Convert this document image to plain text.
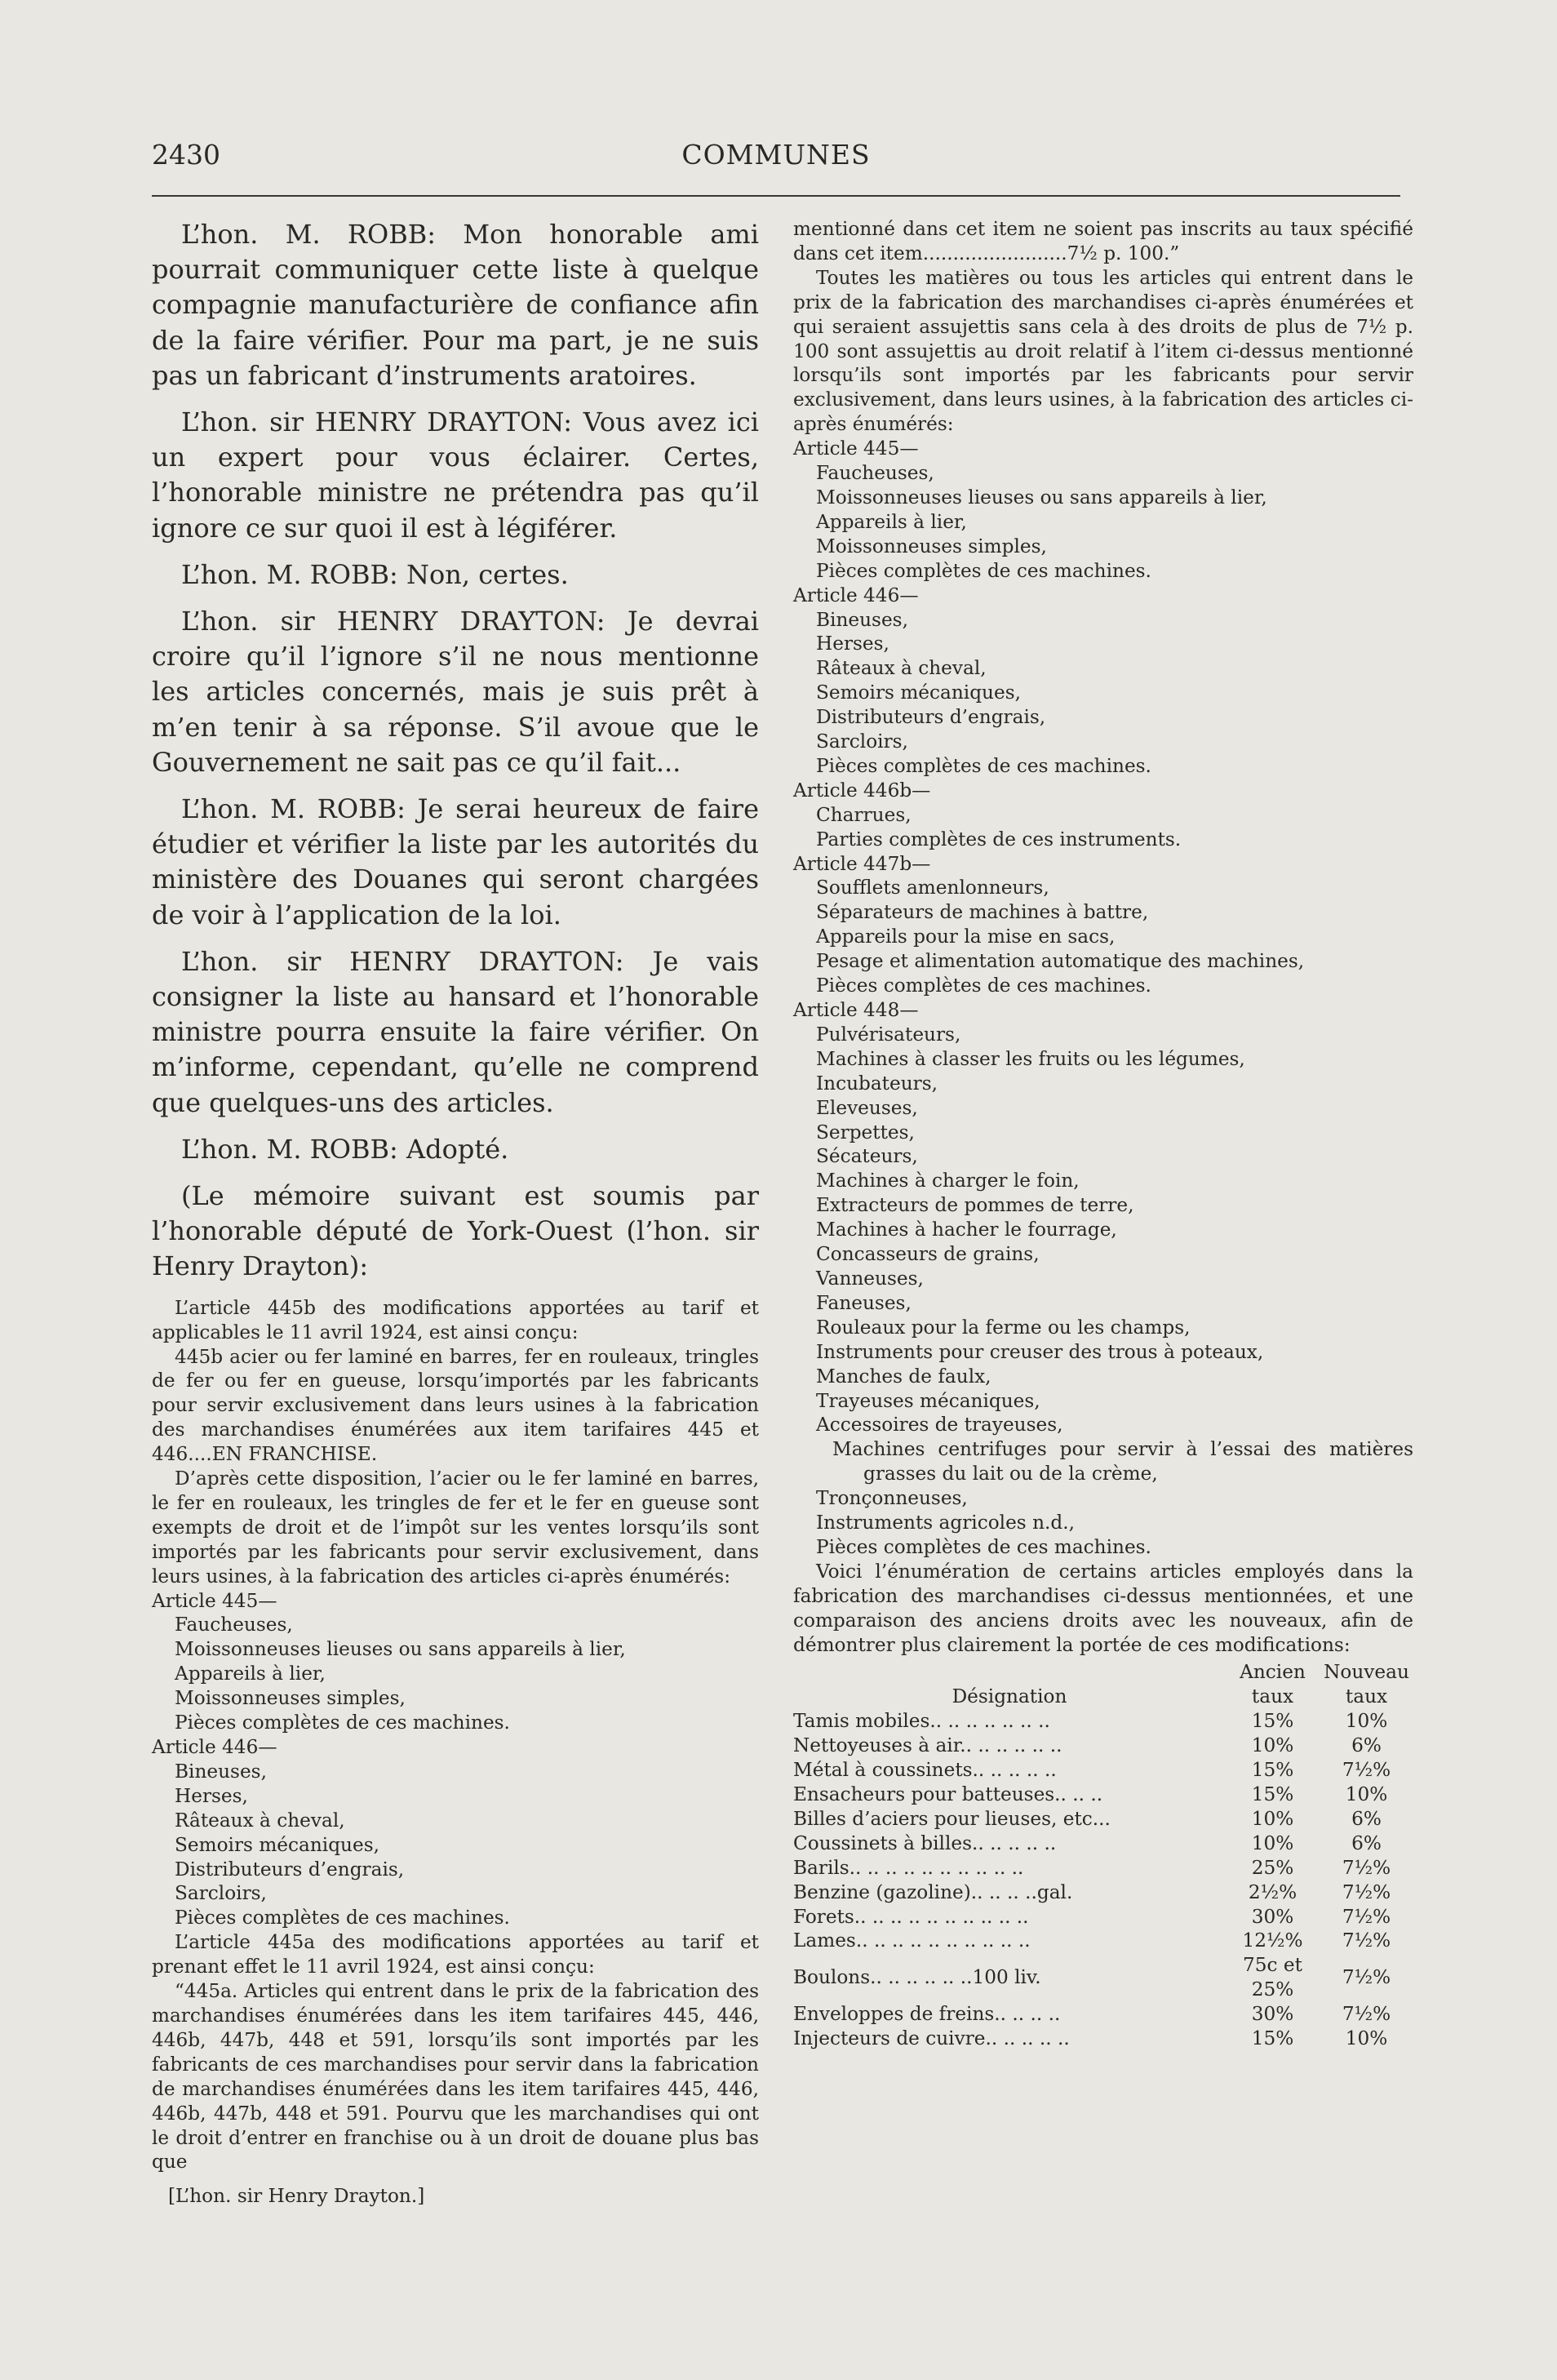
COMMUNES
2430

L’hon. M. ROBB: Mon honorable ami pourrait communiquer cette liste à quelque compagnie manufacturière de confiance afin de la faire vérifier. Pour ma part, je ne suis pas un fabricant d’instruments aratoires.

L’hon. sir HENRY DRAYTON: Vous avez ici un expert pour vous éclairer. Certes, l’honorable ministre ne prétendra pas qu’il ignore ce sur quoi il est à légiférer.

L’hon. M. ROBB: Non, certes.

L’hon. sir HENRY DRAYTON: Je devrai croire qu’il l’ignore s’il ne nous mentionne les articles concernés, mais je suis prêt à m’en tenir à sa réponse. S’il avoue que le Gouvernement ne sait pas ce qu’il fait...

L’hon. M. ROBB: Je serai heureux de faire étudier et vérifier la liste par les autorités du ministère des Douanes qui seront chargées de voir à l’application de la loi.

L’hon. sir HENRY DRAYTON: Je vais consigner la liste au hansard et l’honorable ministre pourra ensuite la faire vérifier. On m’informe, cependant, qu’elle ne comprend que quelques-uns des articles.

L’hon. M. ROBB: Adopté.

(Le mémoire suivant est soumis par l’honorable député de York-Ouest (l’hon. sir Henry Drayton):

L’article 445b des modifications apportées au tarif et applicables le 11 avril 1924, est ainsi conçu:

445b acier ou fer laminé en barres, fer en rouleaux, tringles de fer ou fer en gueuse, lorsqu’importés par les fabricants pour servir exclusivement dans leurs usines à la fabrication des marchandises énumérées aux item tarifaires 445 et 446....EN FRANCHISE.

D’après cette disposition, l’acier ou le fer laminé en barres, le fer en rouleaux, les tringles de fer et le fer en gueuse sont exempts de droit et de l’impôt sur les ventes lorsqu’ils sont importés par les fabricants pour servir exclusivement, dans leurs usines, à la fabrication des articles ci-après énumérés:

Article 445—

Faucheuses,

Moissonneuses lieuses ou sans appareils à lier,

Appareils à lier,

Moissonneuses simples,

Pièces complètes de ces machines.

Article 446—

Bineuses,

Herses,

Râteaux à cheval,

Semoirs mécaniques,

Distributeurs d’engrais,

Sarcloirs,

Pièces complètes de ces machines.

L’article 445a des modifications apportées au tarif et prenant effet le 11 avril 1924, est ainsi conçu:

“445a. Articles qui entrent dans le prix de la fabrication des marchandises énumérées dans les item tarifaires 445, 446, 446b, 447b, 448 et 591, lorsqu’ils sont importés par les fabricants de ces marchandises pour servir dans la fabrication de marchandises énumérées dans les item tarifaires 445, 446, 446b, 447b, 448 et 591. Pourvu que les marchandises qui ont le droit d’entrer en franchise ou à un droit de douane plus bas que

[L’hon. sir Henry Drayton.]

mentionné dans cet item ne soient pas inscrits au taux spécifié dans cet item........................7½ p. 100.”

Toutes les matières ou tous les articles qui entrent dans le prix de la fabrication des marchandises ci-après énumérées et qui seraient assujettis sans cela à des droits de plus de 7½ p. 100 sont assujettis au droit relatif à l’item ci-dessus mentionné lorsqu’ils sont importés par les fabricants pour servir exclusivement, dans leurs usines, à la fabrication des articles ci-après énumérés:

Article 445—

Faucheuses,

Moissonneuses lieuses ou sans appareils à lier,

Appareils à lier,

Moissonneuses simples,

Pièces complètes de ces machines.

Article 446—

Bineuses,

Herses,

Râteaux à cheval,

Semoirs mécaniques,

Distributeurs d’engrais,

Sarcloirs,

Pièces complètes de ces machines.

Article 446b—

Charrues,

Parties complètes de ces instruments.

Article 447b—

Soufflets amenlonneurs,

Séparateurs de machines à battre,

Appareils pour la mise en sacs,

Pesage et alimentation automatique des machines,

Pièces complètes de ces machines.

Article 448—

Pulvérisateurs,

Machines à classer les fruits ou les légumes,

Incubateurs,

Eleveuses,

Serpettes,

Sécateurs,

Machines à charger le foin,

Extracteurs de pommes de terre,

Machines à hacher le fourrage,

Concasseurs de grains,

Vanneuses,

Faneuses,

Rouleaux pour la ferme ou les champs,

Instruments pour creuser des trous à poteaux,

Manches de faulx,

Trayeuses mécaniques,

Accessoires de trayeuses,

Machines centrifuges pour servir à l’essai des matières grasses du lait ou de la crème,

Tronçonneuses,

Instruments agricoles n.d.,

Pièces complètes de ces machines.

Voici l’énumération de certains articles employés dans la fabrication des marchandises ci-dessus mentionnées, et une comparaison des anciens droits avec les nouveaux, afin de démontrer plus clairement la portée de ces modifications:

Désignation	Ancien taux	Nouveau taux
Tamis mobiles.. .. .. .. .. .. ..	15%	10%
Nettoyeuses à air.. .. .. .. .. ..	10%	6%
Métal à coussinets.. .. .. .. ..	15%	7½%
Ensacheurs pour batteuses.. .. ..	15%	10%
Billes d’aciers pour lieuses, etc...	10%	6%
Coussinets à billes.. .. .. .. ..	10%	6%
Barils.. .. .. .. .. .. .. .. .. ..	25%	7½%
Benzine (gazoline).. .. .. ..gal.	2½%	7½%
Forets.. .. .. .. .. .. .. .. .. ..	30%	7½%
Lames.. .. .. .. .. .. .. .. .. ..	12½%	7½%
Boulons.. .. .. .. .. ..100 liv.	75c et 25%	7½%
Enveloppes de freins.. .. .. ..	30%	7½%
Injecteurs de cuivre.. .. .. .. ..	15%	10%
